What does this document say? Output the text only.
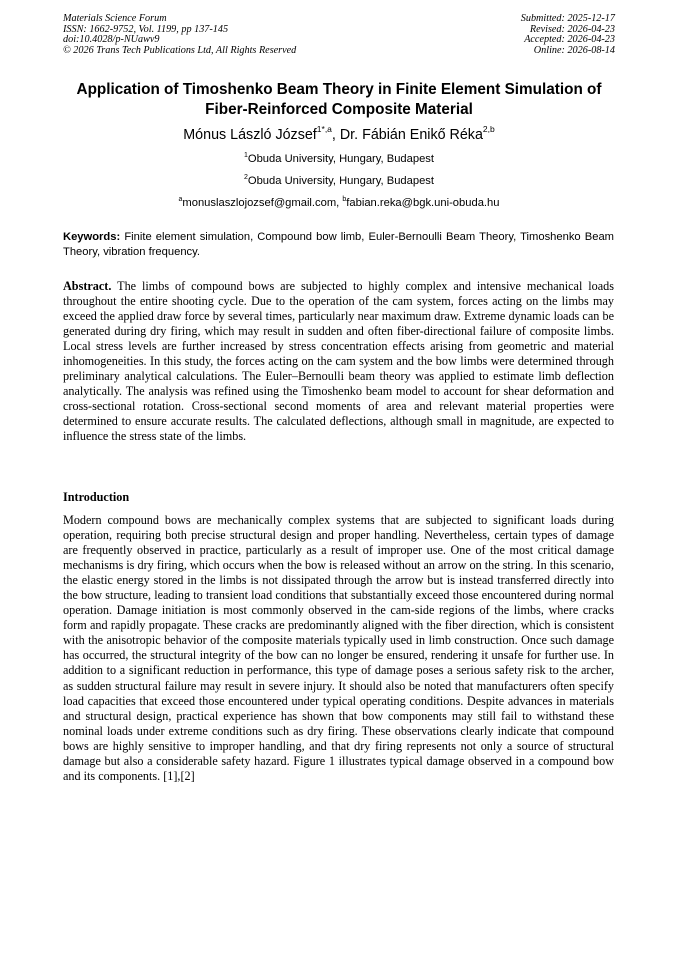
Materials Science Forum
ISSN: 1662-9752, Vol. 1199, pp 137-145
doi:10.4028/p-NUawv9
© 2026 Trans Tech Publications Ltd, All Rights Reserved
Submitted: 2025-12-17
Revised: 2026-04-23
Accepted: 2026-04-23
Online: 2026-08-14
Application of Timoshenko Beam Theory in Finite Element Simulation of
Fiber-Reinforced Composite Material
Mónus László József$^{1*,a}$, Dr. Fábián Enikő Réka$^{2,b}$
$^1$Obuda University, Hungary, Budapest
$^2$Obuda University, Hungary, Budapest
$^a$monuslaszlojozsef@gmail.com, $^b$fabian.reka@bgk.uni-obuda.hu
Keywords: Finite element simulation, Compound bow limb, Euler-Bernoulli Beam Theory, Timoshenko Beam Theory, vibration frequency.
Abstract. The limbs of compound bows are subjected to highly complex and intensive mechanical loads throughout the entire shooting cycle. Due to the operation of the cam system, forces acting on the limbs may exceed the applied draw force by several times, particularly near maximum draw. Extreme dynamic loads can be generated during dry firing, which may result in sudden and often fiber-directional failure of composite limbs. Local stress levels are further increased by stress concentration effects arising from geometric and material inhomogeneities. In this study, the forces acting on the cam system and the bow limbs were determined through preliminary analytical calculations. The Euler–Bernoulli beam theory was applied to estimate limb deflection analytically. The analysis was refined using the Timoshenko beam model to account for shear deformation and cross-sectional rotation. Cross-sectional second moments of area and relevant material properties were determined to ensure accurate results. The calculated deflections, although small in magnitude, are expected to influence the stress state of the limbs.
Introduction
Modern compound bows are mechanically complex systems that are subjected to significant loads during operation, requiring both precise structural design and proper handling. Nevertheless, certain types of damage are frequently observed in practice, particularly as a result of improper use. One of the most critical damage mechanisms is dry firing, which occurs when the bow is released without an arrow on the string. In this scenario, the elastic energy stored in the limbs is not dissipated through the arrow but is instead transferred directly into the bow structure, leading to transient load conditions that substantially exceed those encountered during normal operation. Damage initiation is most commonly observed in the cam-side regions of the limbs, where cracks form and rapidly propagate. These cracks are predominantly aligned with the fiber direction, which is consistent with the anisotropic behavior of the composite materials typically used in limb construction. Once such damage has occurred, the structural integrity of the bow can no longer be ensured, rendering it unsafe for further use. In addition to a significant reduction in performance, this type of damage poses a serious safety risk to the archer, as sudden structural failure may result in severe injury. It should also be noted that manufacturers often specify load capacities that exceed those encountered under typical operating conditions. Despite advances in materials and structural design, practical experience has shown that bow components may still fail to withstand these nominal loads under extreme conditions such as dry firing. These observations clearly indicate that compound bows are highly sensitive to improper handling, and that dry firing represents not only a source of structural damage but also a considerable safety hazard. Figure 1 illustrates typical damage observed in a compound bow and its components. [1],[2]
